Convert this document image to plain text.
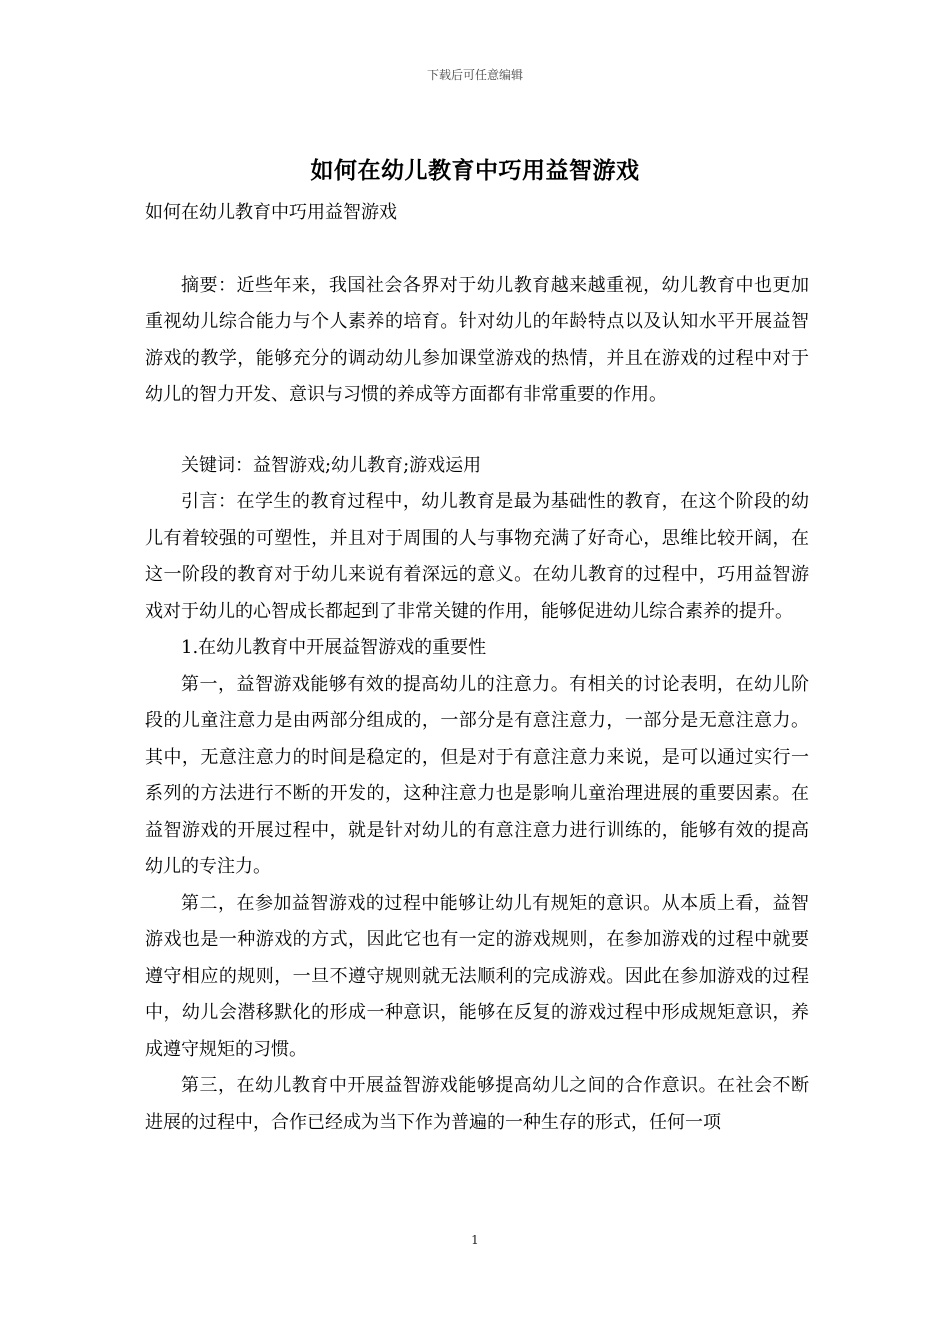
下载后可任意编辑
如何在幼儿教育中巧用益智游戏

如何在幼儿教育中巧用益智游戏

摘要：近些年来，我国社会各界对于幼儿教育越来越重视，幼儿教育中也更加重视幼儿综合能力与个人素养的培育。针对幼儿的年龄特点以及认知水平开展益智游戏的教学，能够充分的调动幼儿参加课堂游戏的热情，并且在游戏的过程中对于幼儿的智力开发、意识与习惯的养成等方面都有非常重要的作用。

关键词：益智游戏;幼儿教育;游戏运用

引言：在学生的教育过程中，幼儿教育是最为基础性的教育，在这个阶段的幼儿有着较强的可塑性，并且对于周围的人与事物充满了好奇心，思维比较开阔，在这一阶段的教育对于幼儿来说有着深远的意义。在幼儿教育的过程中，巧用益智游戏对于幼儿的心智成长都起到了非常关键的作用，能够促进幼儿综合素养的提升。

1.在幼儿教育中开展益智游戏的重要性

第一，益智游戏能够有效的提高幼儿的注意力。有相关的讨论表明，在幼儿阶段的儿童注意力是由两部分组成的，一部分是有意注意力，一部分是无意注意力。其中，无意注意力的时间是稳定的，但是对于有意注意力来说，是可以通过实行一系列的方法进行不断的开发的，这种注意力也是影响儿童治理进展的重要因素。在益智游戏的开展过程中，就是针对幼儿的有意注意力进行训练的，能够有效的提高幼儿的专注力。

第二，在参加益智游戏的过程中能够让幼儿有规矩的意识。从本质上看，益智游戏也是一种游戏的方式，因此它也有一定的游戏规则，在参加游戏的过程中就要遵守相应的规则，一旦不遵守规则就无法顺利的完成游戏。因此在参加游戏的过程中，幼儿会潜移默化的形成一种意识，能够在反复的游戏过程中形成规矩意识，养成遵守规矩的习惯。

第三，在幼儿教育中开展益智游戏能够提高幼儿之间的合作意识。在社会不断进展的过程中，合作已经成为当下作为普遍的一种生存的形式，任何一项

1
